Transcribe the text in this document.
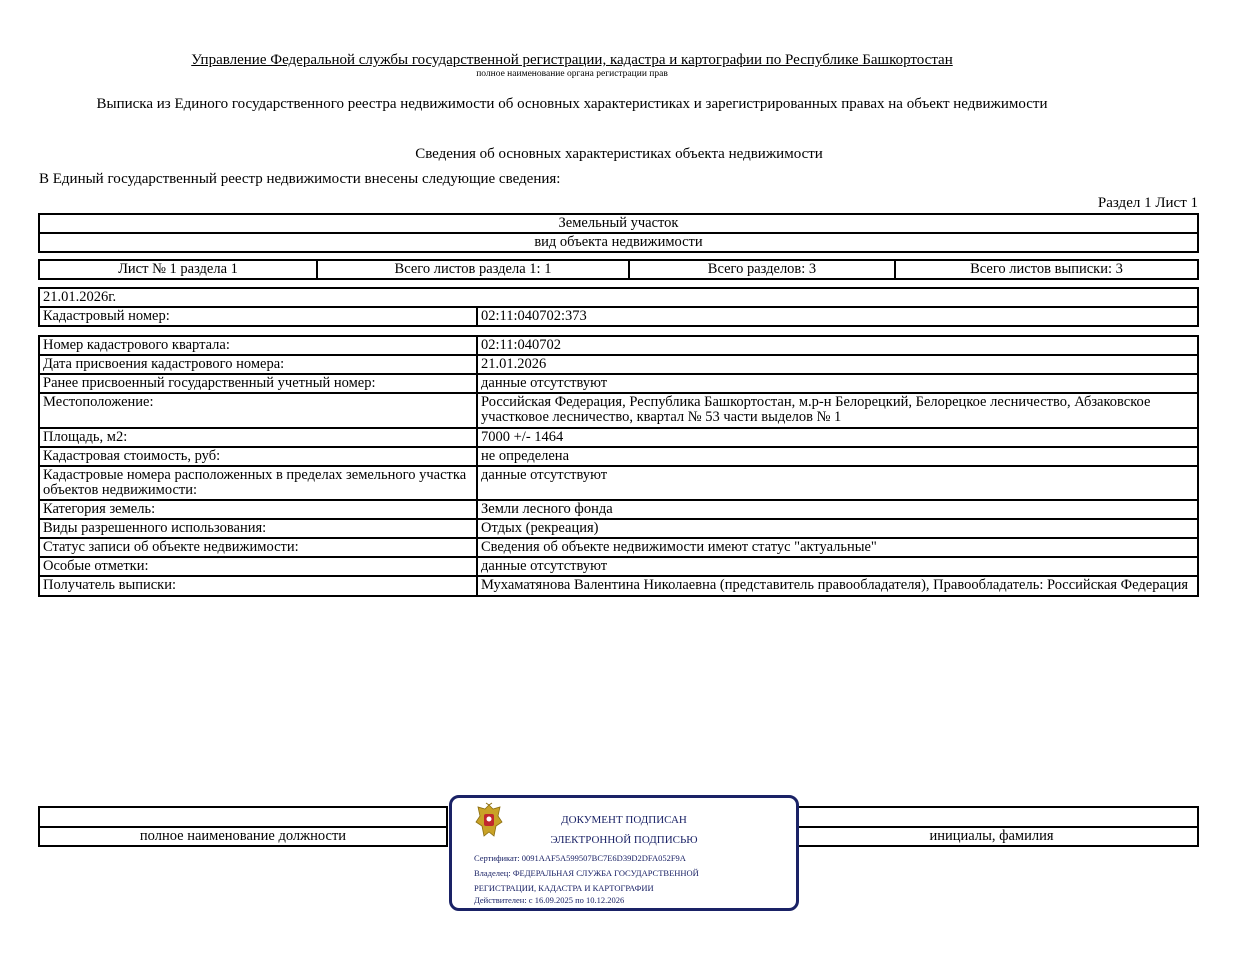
Управление Федеральной службы государственной регистрации, кадастра и картографии по Республике Башкортостан
полное наименование органа регистрации прав
Выписка из Единого государственного реестра недвижимости об основных характеристиках и зарегистрированных правах на объект недвижимости
Сведения об основных характеристиках объекта недвижимости
В Единый государственный реестр недвижимости внесены следующие сведения:
Раздел 1 Лист 1
Земельный участок
вид объекта недвижимости
Лист № 1 раздела 1	Всего листов раздела 1: 1	Всего разделов: 3	Всего листов выписки: 3
21.01.2026г.
Кадастровый номер:	02:11:040702:373
Номер кадастрового квартала:	02:11:040702
Дата присвоения кадастрового номера:	21.01.2026
Ранее присвоенный государственный учетный номер:	данные отсутствуют
Местоположение:	Российская Федерация, Республика Башкортостан, м.р-н Белорецкий, Белорецкое лесничество, Абзаковское участковое лесничество, квартал № 53 части выделов № 1
Площадь, м2:	7000 +/- 1464
Кадастровая стоимость, руб:	не определена
Кадастровые номера расположенных в пределах земельного участка объектов недвижимости:	данные отсутствуют
Категория земель:	Земли лесного фонда
Виды разрешенного использования:	Отдых (рекреация)
Статус записи об объекте недвижимости:	Сведения об объекте недвижимости имеют статус "актуальные"
Особые отметки:	данные отсутствуют
Получатель выписки:	Мухаматянова Валентина Николаевна (представитель правообладателя), Правообладатель: Российская Федерация

полное наименование должности		инициалы, фамилия
ДОКУМЕНТ ПОДПИСАН
ЭЛЕКТРОННОЙ ПОДПИСЬЮ
Сертификат: 0091AAF5A599507BC7E6D39D2DFA052F9A
Владелец: ФЕДЕРАЛЬНАЯ СЛУЖБА ГОСУДАРСТВЕННОЙ
РЕГИСТРАЦИИ, КАДАСТРА И КАРТОГРАФИИ
Действителен: с 16.09.2025 по 10.12.2026
